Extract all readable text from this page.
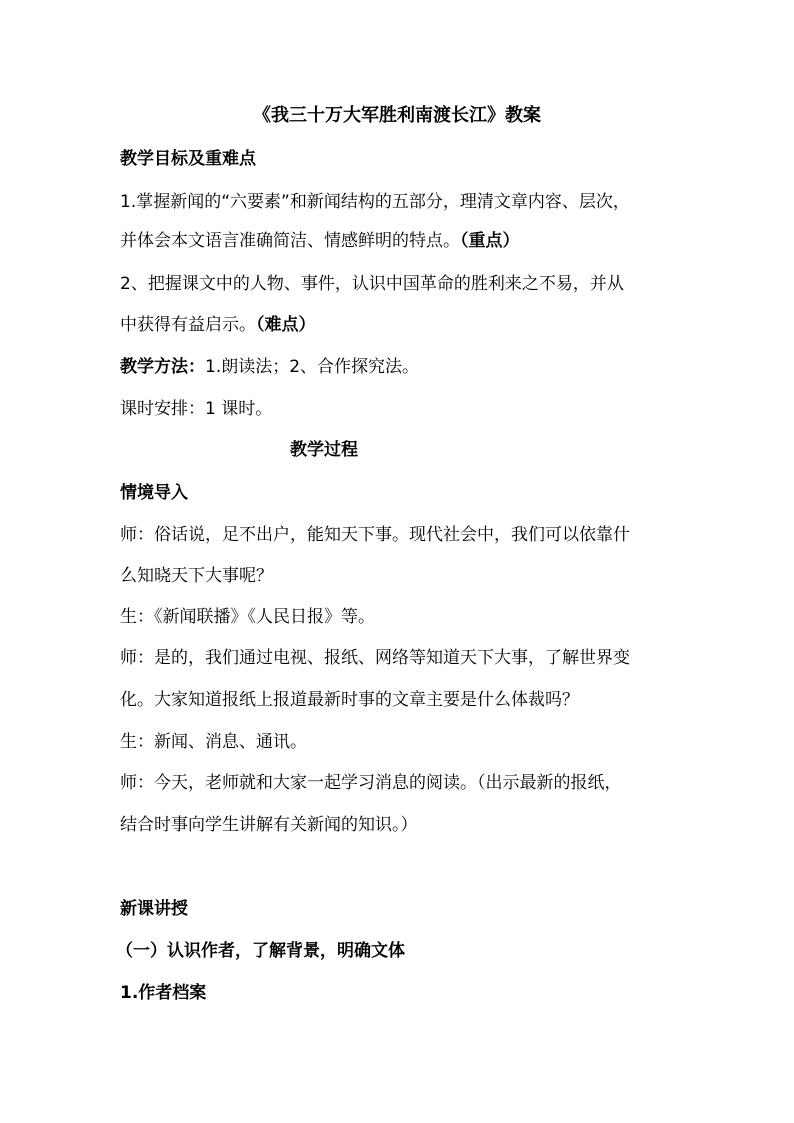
《我三十万大军胜利南渡长江》教案
教学目标及重难点
1.掌握新闻的“六要素”和新闻结构的五部分，理清文章内容、层次，
并体会本文语言准确简洁、情感鲜明的特点。（重点）
2、把握课文中的人物、事件，认识中国革命的胜利来之不易，并从
中获得有益启示。（难点）
教学方法：1.朗读法；2、合作探究法。
课时安排：1 课时。
教学过程
情境导入
师：俗话说，足不出户，能知天下事。现代社会中，我们可以依靠什
么知晓天下大事呢？
生：《新闻联播》《人民日报》等。
师：是的，我们通过电视、报纸、网络等知道天下大事，了解世界变
化。大家知道报纸上报道最新时事的文章主要是什么体裁吗？
生：新闻、消息、通讯。
师：今天，老师就和大家一起学习消息的阅读。（出示最新的报纸，
结合时事向学生讲解有关新闻的知识。）
新课讲授
（一）认识作者，了解背景，明确文体
1.作者档案
